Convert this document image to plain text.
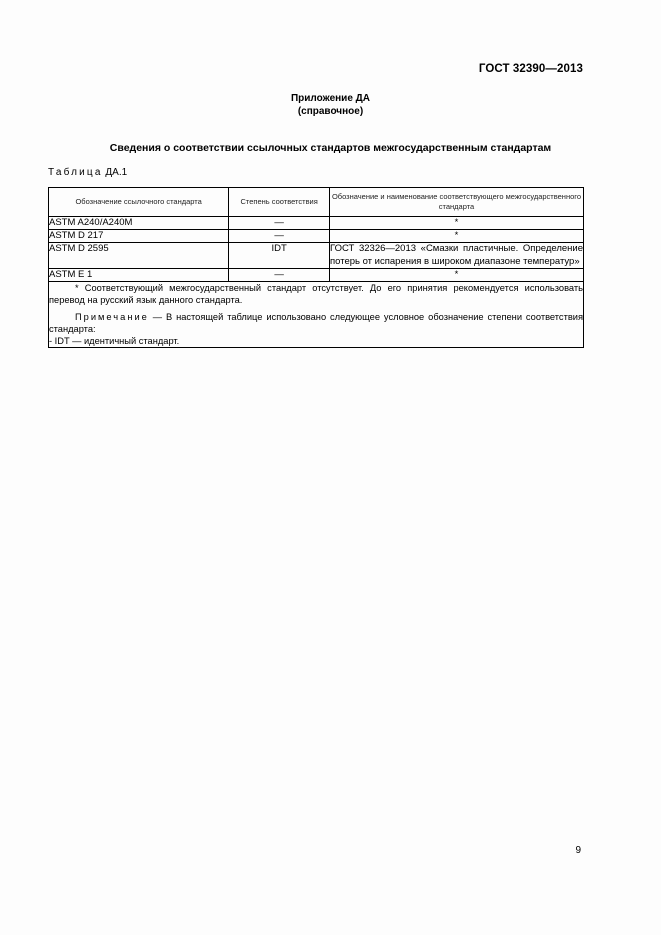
ГОСТ 32390—2013
Приложение ДА
(справочное)
Сведения о соответствии ссылочных стандартов межгосударственным стандартам
Таблица ДА.1
Обозначение ссылочного стандарта	Степень соответствия	Обозначение и наименование соответствующего межгосударственного стандарта
ASTM A240/A240M	—	*
ASTM D 217	—	*
ASTM D 2595	IDT	ГОСТ 32326—2013 «Смазки пластичные. Определение потерь от испарения в широком диапазоне температур»
ASTM E 1	—	*

* Соответствующий межгосударственный стандарт отсутствует. До его принятия рекомендуется использовать перевод на русский язык данного стандарта.

Примечание — В настоящей таблице использовано следующее условное обозначение степени соответствия стандарта:

- IDT — идентичный стандарт.		

9
